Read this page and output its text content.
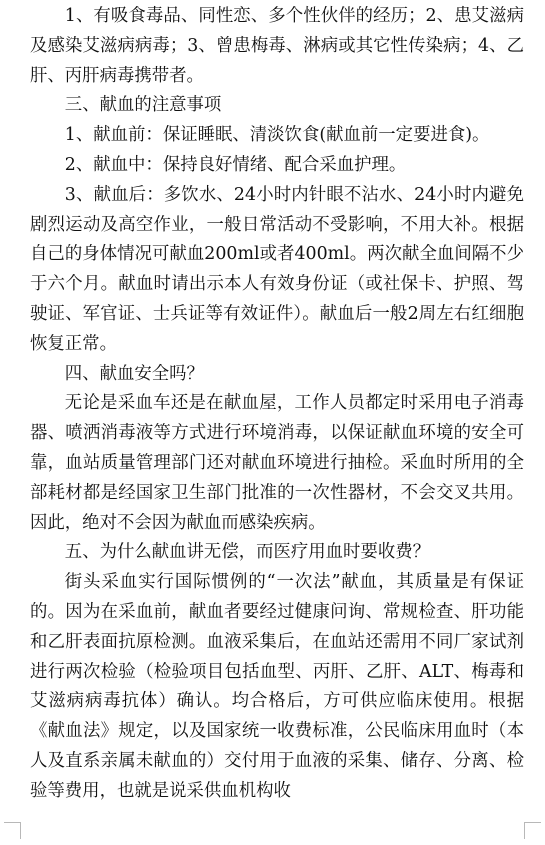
1、有吸食毒品、同性恋、多个性伙伴的经历；2、患艾滋病及感染艾滋病病毒；3、曾患梅毒、淋病或其它性传染病；4、乙肝、丙肝病毒携带者。

三、献血的注意事项

1、献血前：保证睡眠、清淡饮食(献血前一定要进食)。

2、献血中：保持良好情绪、配合采血护理。

3、献血后：多饮水、24小时内针眼不沾水、24小时内避免剧烈运动及高空作业，一般日常活动不受影响，不用大补。根据自己的身体情况可献血200ml或者400ml。两次献全血间隔不少于六个月。献血时请出示本人有效身份证（或社保卡、护照、驾驶证、军官证、士兵证等有效证件）。献血后一般2周左右红细胞恢复正常。

四、献血安全吗？

无论是采血车还是在献血屋，工作人员都定时采用电子消毒器、喷洒消毒液等方式进行环境消毒，以保证献血环境的安全可靠，血站质量管理部门还对献血环境进行抽检。采血时所用的全部耗材都是经国家卫生部门批准的一次性器材，不会交叉共用。因此，绝对不会因为献血而感染疾病。

五、为什么献血讲无偿，而医疗用血时要收费？

街头采血实行国际惯例的“一次法”献血，其质量是有保证的。因为在采血前，献血者要经过健康问询、常规检查、肝功能和乙肝表面抗原检测。血液采集后，在血站还需用不同厂家试剂进行两次检验（检验项目包括血型、丙肝、乙肝、ALT、梅毒和艾滋病病毒抗体）确认。均合格后，方可供应临床使用。根据《献血法》规定，以及国家统一收费标准，公民临床用血时（本人及直系亲属未献血的）交付用于血液的采集、储存、分离、检验等费用，也就是说采供血机构收
